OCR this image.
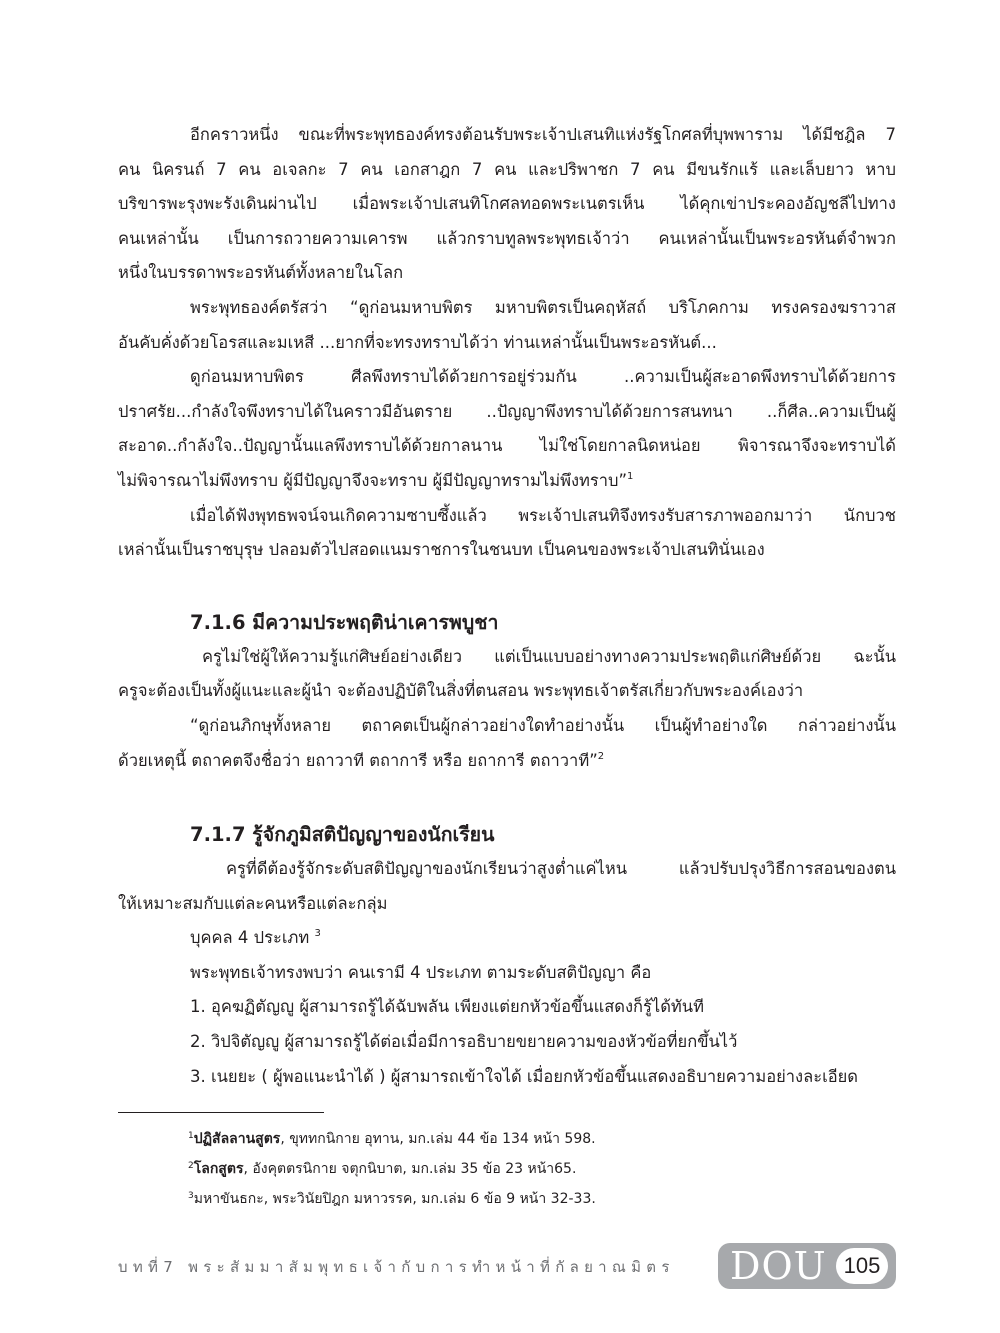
อีกคราวหนึ่ง ขณะที่พระพุทธองค์ทรงต้อนรับพระเจ้าปเสนทิแห่งรัฐโกศลที่บุพพาราม ได้มีชฎิล 7

คน นิครนถ์ 7 คน อเจลกะ 7 คน เอกสาฎก 7 คน และปริพาชก 7 คน มีขนรักแร้ และเล็บยาว หาบ

บริขารพะรุงพะรังเดินผ่านไป เมื่อพระเจ้าปเสนทิโกศลทอดพระเนตรเห็น ได้คุกเข่าประคองอัญชลีไปทาง

คนเหล่านั้น เป็นการถวายความเคารพ แล้วกราบทูลพระพุทธเจ้าว่า คนเหล่านั้นเป็นพระอรหันต์จำพวก

หนึ่งในบรรดาพระอรหันต์ทั้งหลายในโลก

พระพุทธองค์ตรัสว่า “ดูก่อนมหาบพิตร มหาบพิตรเป็นคฤหัสถ์ บริโภคกาม ทรงครองฆราวาส

อันคับคั่งด้วยโอรสและมเหสี ...ยากที่จะทรงทราบได้ว่า ท่านเหล่านั้นเป็นพระอรหันต์...

ดูก่อนมหาบพิตร ศีลพึงทราบได้ด้วยการอยู่ร่วมกัน ..ความเป็นผู้สะอาดพึงทราบได้ด้วยการ

ปราศรัย...กำลังใจพึงทราบได้ในคราวมีอันตราย ..ปัญญาพึงทราบได้ด้วยการสนทนา ..ก็ศีล..ความเป็นผู้

สะอาด..กำลังใจ..ปัญญานั้นแลพึงทราบได้ด้วยกาลนาน ไม่ใช่โดยกาลนิดหน่อย พิจารณาจึงจะทราบได้

ไม่พิจารณาไม่พึงทราบ ผู้มีปัญญาจึงจะทราบ ผู้มีปัญญาทรามไม่พึงทราบ”$^1$

เมื่อได้ฟังพุทธพจน์จนเกิดความซาบซึ้งแล้ว พระเจ้าปเสนทิจึงทรงรับสารภาพออกมาว่า นักบวช

เหล่านั้นเป็นราชบุรุษ ปลอมตัวไปสอดแนมราชการในชนบท เป็นคนของพระเจ้าปเสนทินั่นเอง

7.1.6 มีความประพฤติน่าเคารพบูชา

ครูไม่ใช่ผู้ให้ความรู้แก่ศิษย์อย่างเดียว แต่เป็นแบบอย่างทางความประพฤติแก่ศิษย์ด้วย ฉะนั้น

ครูจะต้องเป็นทั้งผู้แนะและผู้นำ จะต้องปฏิบัติในสิ่งที่ตนสอน พระพุทธเจ้าตรัสเกี่ยวกับพระองค์เองว่า

“ดูก่อนภิกษุทั้งหลาย ตถาคตเป็นผู้กล่าวอย่างใดทำอย่างนั้น เป็นผู้ทำอย่างใด กล่าวอย่างนั้น

ด้วยเหตุนี้ ตถาคตจึงชื่อว่า ยถาวาที ตถาการี หรือ ยถาการี ตถาวาที”$^2$

7.1.7 รู้จักภูมิสติปัญญาของนักเรียน

ครูที่ดีต้องรู้จักระดับสติปัญญาของนักเรียนว่าสูงต่ำแค่ไหน แล้วปรับปรุงวิธีการสอนของตน

ให้เหมาะสมกับแต่ละคนหรือแต่ละกลุ่ม

บุคคล 4 ประเภท $^3$

พระพุทธเจ้าทรงพบว่า คนเรามี 4 ประเภท ตามระดับสติปัญญา คือ

1. อุคฆฏิตัญญู ผู้สามารถรู้ได้ฉับพลัน เพียงแต่ยกหัวข้อขึ้นแสดงก็รู้ได้ทันที

2. วิปจิตัญญู ผู้สามารถรู้ได้ต่อเมื่อมีการอธิบายขยายความของหัวข้อที่ยกขึ้นไว้

3. เนยยะ ( ผู้พอแนะนำได้ ) ผู้สามารถเข้าใจได้ เมื่อยกหัวข้อขึ้นแสดงอธิบายความอย่างละเอียด

$^1$ปฏิสัลลานสูตร, ขุททกนิกาย อุทาน, มก.เล่ม 44 ข้อ 134 หน้า 598.

$^2$โลกสูตร, อังคุตตรนิกาย จตุกนิบาต, มก.เล่ม 35 ข้อ 23 หน้า65.

$^3$มหาขันธกะ, พระวินัยปิฎก มหาวรรค, มก.เล่ม 6 ข้อ 9 หน้า 32-33.

บทที่7 พระสัมมาสัมพุทธเจ้ากับการทำหน้าที่กัลยาณมิตร DOU 105
